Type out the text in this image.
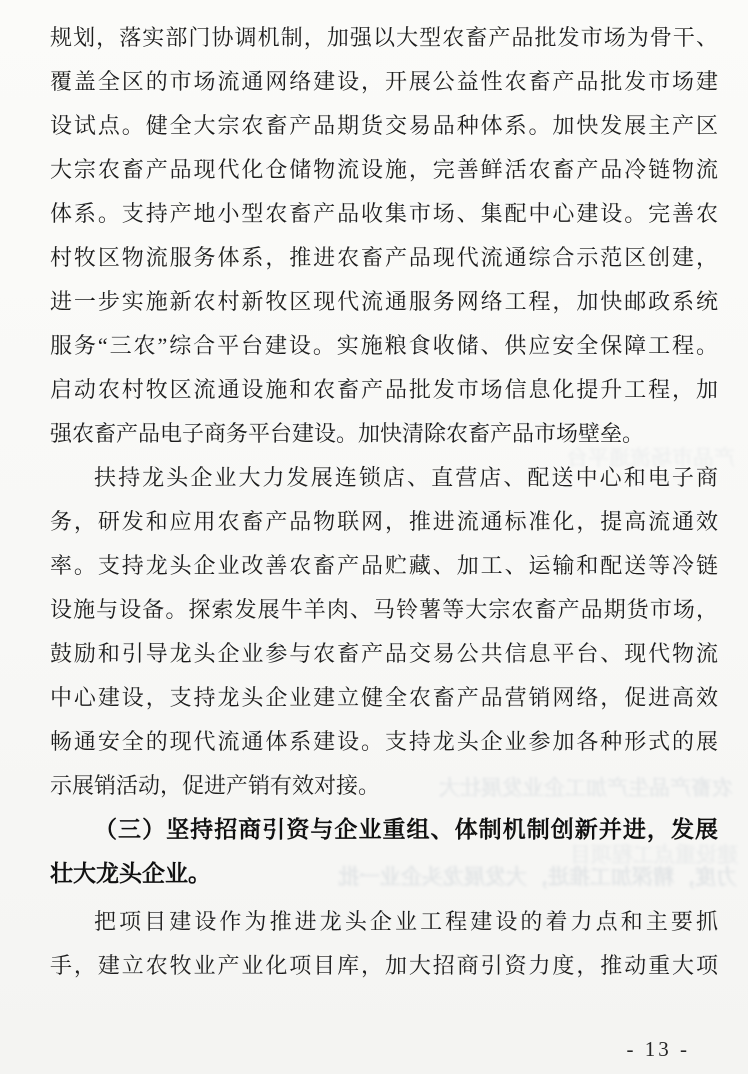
规划，落实部门协调机制，加强以大型农畜产品批发市场为骨干、
覆盖全区的市场流通网络建设，开展公益性农畜产品批发市场建
设试点。健全大宗农畜产品期货交易品种体系。加快发展主产区
大宗农畜产品现代化仓储物流设施，完善鲜活农畜产品冷链物流
体系。支持产地小型农畜产品收集市场、集配中心建设。完善农
村牧区物流服务体系，推进农畜产品现代流通综合示范区创建，
进一步实施新农村新牧区现代流通服务网络工程，加快邮政系统
服务“三农”综合平台建设。实施粮食收储、供应安全保障工程。
启动农村牧区流通设施和农畜产品批发市场信息化提升工程，加
强农畜产品电子商务平台建设。加快清除农畜产品市场壁垒。
扶持龙头企业大力发展连锁店、直营店、配送中心和电子商
务，研发和应用农畜产品物联网，推进流通标准化，提高流通效
率。支持龙头企业改善农畜产品贮藏、加工、运输和配送等冷链
设施与设备。探索发展牛羊肉、马铃薯等大宗农畜产品期货市场，
鼓励和引导龙头企业参与农畜产品交易公共信息平台、现代物流
中心建设，支持龙头企业建立健全农畜产品营销网络，促进高效
畅通安全的现代流通体系建设。支持龙头企业参加各种形式的展
示展销活动，促进产销有效对接。
（三）坚持招商引资与企业重组、体制机制创新并进，发展
壮大龙头企业。
把项目建设作为推进龙头企业工程建设的着力点和主要抓
手，建立农牧业产业化项目库，加大招商引资力度，推动重大项
- 13 -
农畜产品生产加工企业发展壮大
力度，精深加工推进，大发展龙头企业一批
建设重点工程项目
产品市场流通平台
